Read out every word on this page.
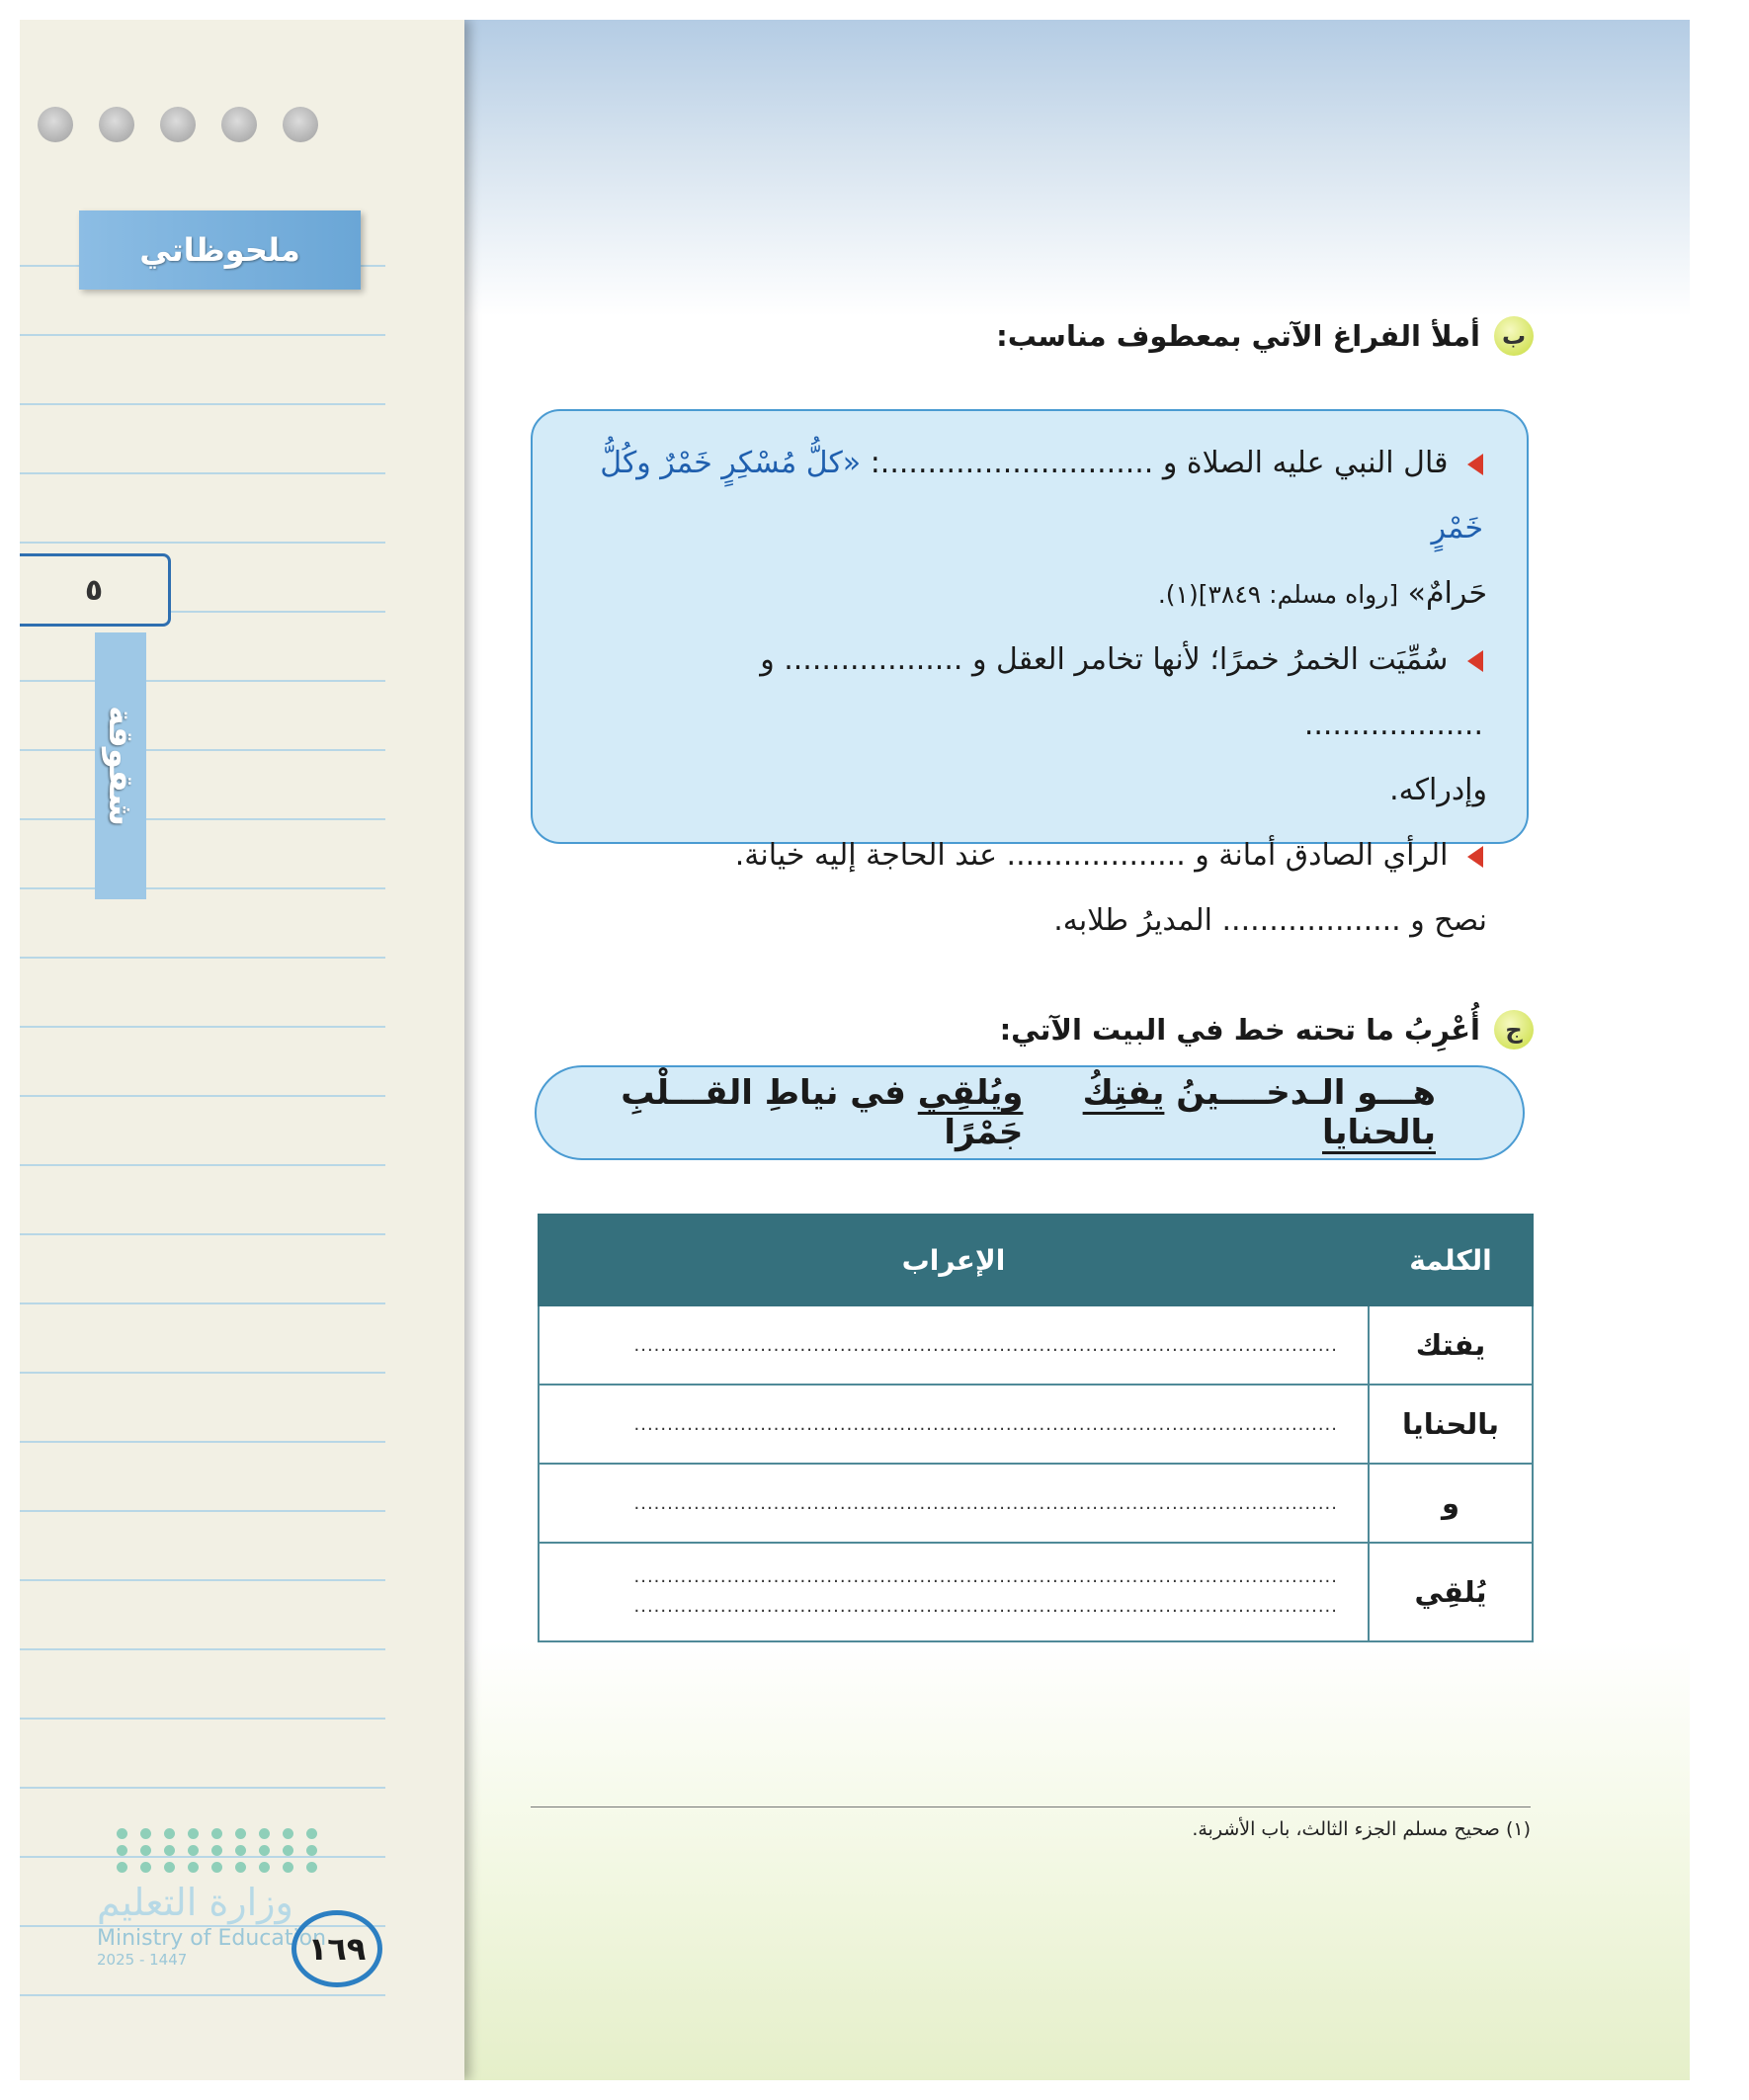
ملحوظاتي
٥
شقوقة
وزارة التعليم
Ministry of Education
2025 - 1447	١٦٩
ب
أملأ الفراغ الآتي بمعطوف مناسب:
قال النبي عليه الصلاة و .............................: «كلُّ مُسْكِرٍ خَمْرٌ وكُلُّ خَمْرٍ
حَرامٌ» [رواه مسلم: ٣٨٤٩](١).
سُمِّيَت الخمرُ خمرًا؛ لأنها تخامر العقل و ................... و ...................
وإدراكه.
الرأي الصادق أمانة و ................... عند الحاجة إليه خيانة.
نصح و ................... المديرُ طلابه.
ج
أُعْرِبُ ما تحته خط في البيت الآتي:
هـــو الـدخــــينُ يفتِكُ بالحنايا
ويُلقِي في نياطِ القـــلْبِ جَمْرًا
الكلمة	الإعراب
يفتك	..........................................................................................................
بالحنايا	..........................................................................................................
و	..........................................................................................................
يُلقِي	..........................................................................................................
..........................................................................................................
(١) صحيح مسلم الجزء الثالث، باب الأشربة.
